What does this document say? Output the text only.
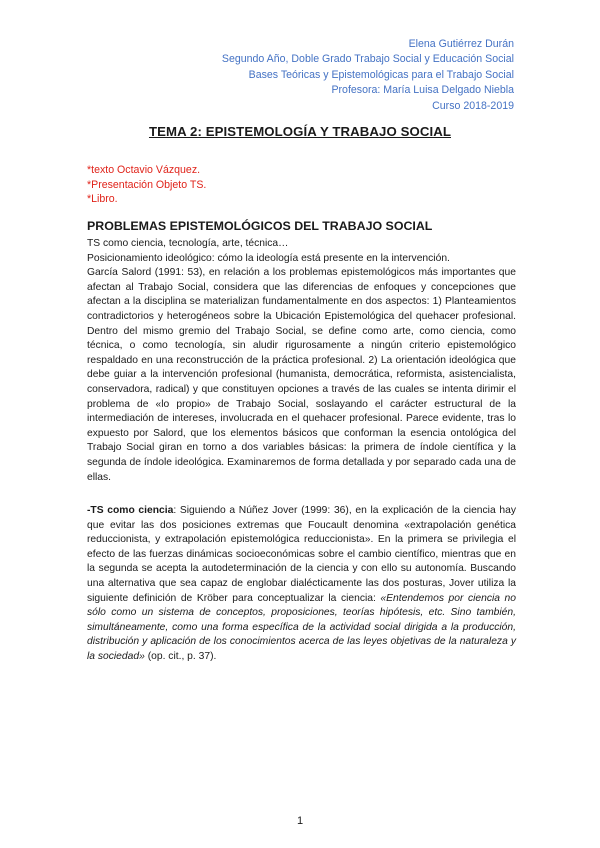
Elena Gutiérrez Durán
Segundo Año, Doble Grado Trabajo Social y Educación Social
Bases Teóricas y Epistemológicas para el Trabajo Social
Profesora: María Luisa Delgado Niebla
Curso 2018-2019
TEMA 2: EPISTEMOLOGÍA Y TRABAJO SOCIAL
*texto Octavio Vázquez.
*Presentación Objeto TS.
*Libro.
PROBLEMAS EPISTEMOLÓGICOS DEL TRABAJO SOCIAL
TS como ciencia, tecnología, arte, técnica…
Posicionamiento ideológico: cómo la ideología está presente en la intervención.

García Salord (1991: 53), en relación a los problemas epistemológicos más importantes que afectan al Trabajo Social, considera que las diferencias de enfoques y concepciones que afectan a la disciplina se materializan fundamentalmente en dos aspectos: 1) Planteamientos contradictorios y heterogéneos sobre la Ubicación Epistemológica del quehacer profesional. Dentro del mismo gremio del Trabajo Social, se define como arte, como ciencia, como técnica, o como tecnología, sin aludir rigurosamente a ningún criterio epistemológico respaldado en una reconstrucción de la práctica profesional. 2) La orientación ideológica que debe guiar a la intervención profesional (humanista, democrática, reformista, asistencialista, conservadora, radical) y que constituyen opciones a través de las cuales se intenta dirimir el problema de «lo propio» de Trabajo Social, soslayando el carácter estructural de la intermediación de intereses, involucrada en el quehacer profesional. Parece evidente, tras lo expuesto por Salord, que los elementos básicos que conforman la esencia ontológica del Trabajo Social giran en torno a dos variables básicas: la primera de índole científica y la segunda de índole ideológica. Examinaremos de forma detallada y por separado cada una de ellas.

-TS como ciencia: Siguiendo a Núñez Jover (1999: 36), en la explicación de la ciencia hay que evitar las dos posiciones extremas que Foucault denomina «extrapolación genética reduccionista, y extrapolación epistemológica reduccionista». En la primera se privilegia el efecto de las fuerzas dinámicas socioeconómicas sobre el cambio científico, mientras que en la segunda se acepta la autodeterminación de la ciencia y con ello su autonomía. Buscando una alternativa que sea capaz de englobar dialécticamente las dos posturas, Jover utiliza la siguiente definición de Kröber para conceptualizar la ciencia: «Entendemos por ciencia no sólo como un sistema de conceptos, proposiciones, teorías hipótesis, etc. Sino también, simultáneamente, como una forma específica de la actividad social dirigida a la producción, distribución y aplicación de los conocimientos acerca de las leyes objetivas de la naturaleza y la sociedad» (op. cit., p. 37).

1
